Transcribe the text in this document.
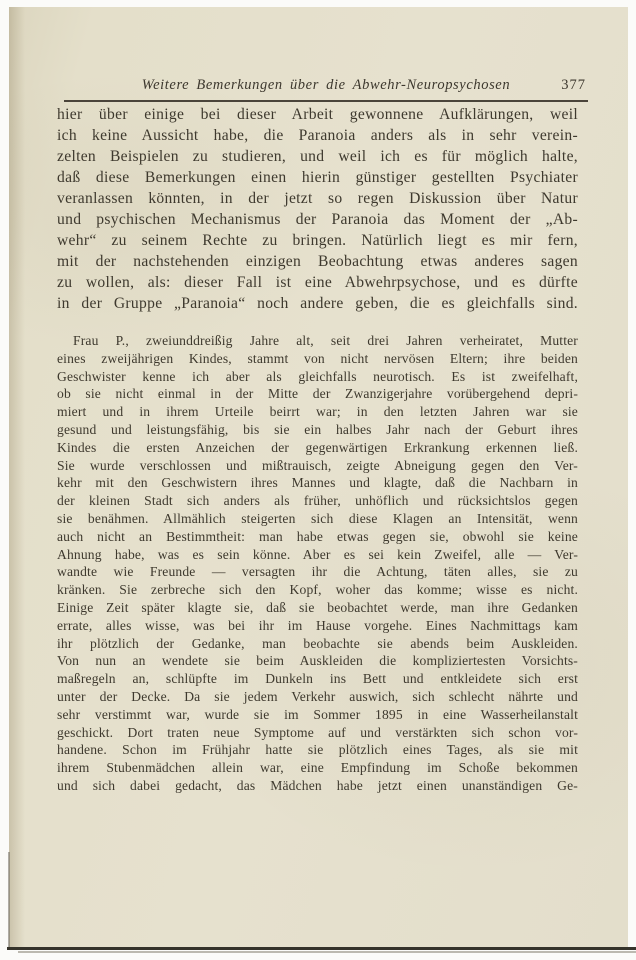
Weitere Bemerkungen über die Abwehr-Neuropsychosen	377
hier über einige bei dieser Arbeit gewonnene Aufklärungen, weil
ich keine Aussicht habe, die Paranoia anders als in sehr verein-
zelten Beispielen zu studieren, und weil ich es für möglich halte,
daß diese Bemerkungen einen hierin günstiger gestellten Psychiater
veranlassen könnten, in der jetzt so regen Diskussion über Natur
und psychischen Mechanismus der Paranoia das Moment der „Ab-
wehr“ zu seinem Rechte zu bringen. Natürlich liegt es mir fern,
mit der nachstehenden einzigen Beobachtung etwas anderes sagen
zu wollen, als: dieser Fall ist eine Abwehrpsychose, und es dürfte
in der Gruppe „Paranoia“ noch andere geben, die es gleichfalls sind.
Frau P., zweiunddreißig Jahre alt, seit drei Jahren verheiratet, Mutter
eines zweijährigen Kindes, stammt von nicht nervösen Eltern; ihre beiden
Geschwister kenne ich aber als gleichfalls neurotisch. Es ist zweifelhaft,
ob sie nicht einmal in der Mitte der Zwanzigerjahre vorübergehend depri-
miert und in ihrem Urteile beirrt war; in den letzten Jahren war sie
gesund und leistungsfähig, bis sie ein halbes Jahr nach der Geburt ihres
Kindes die ersten Anzeichen der gegenwärtigen Erkrankung erkennen ließ.
Sie wurde verschlossen und mißtrauisch, zeigte Abneigung gegen den Ver-
kehr mit den Geschwistern ihres Mannes und klagte, daß die Nachbarn in
der kleinen Stadt sich anders als früher, unhöflich und rücksichtslos gegen
sie benähmen. Allmählich steigerten sich diese Klagen an Intensität, wenn
auch nicht an Bestimmtheit: man habe etwas gegen sie, obwohl sie keine
Ahnung habe, was es sein könne. Aber es sei kein Zweifel, alle — Ver-
wandte wie Freunde — versagten ihr die Achtung, täten alles, sie zu
kränken. Sie zerbreche sich den Kopf, woher das komme; wisse es nicht.
Einige Zeit später klagte sie, daß sie beobachtet werde, man ihre Gedanken
errate, alles wisse, was bei ihr im Hause vorgehe. Eines Nachmittags kam
ihr plötzlich der Gedanke, man beobachte sie abends beim Auskleiden.
Von nun an wendete sie beim Auskleiden die kompliziertesten Vorsichts-
maßregeln an, schlüpfte im Dunkeln ins Bett und entkleidete sich erst
unter der Decke. Da sie jedem Verkehr auswich, sich schlecht nährte und
sehr verstimmt war, wurde sie im Sommer 1895 in eine Wasserheilanstalt
geschickt. Dort traten neue Symptome auf und verstärkten sich schon vor-
handene. Schon im Frühjahr hatte sie plötzlich eines Tages, als sie mit
ihrem Stubenmädchen allein war, eine Empfindung im Schoße bekommen
und sich dabei gedacht, das Mädchen habe jetzt einen unanständigen Ge-
